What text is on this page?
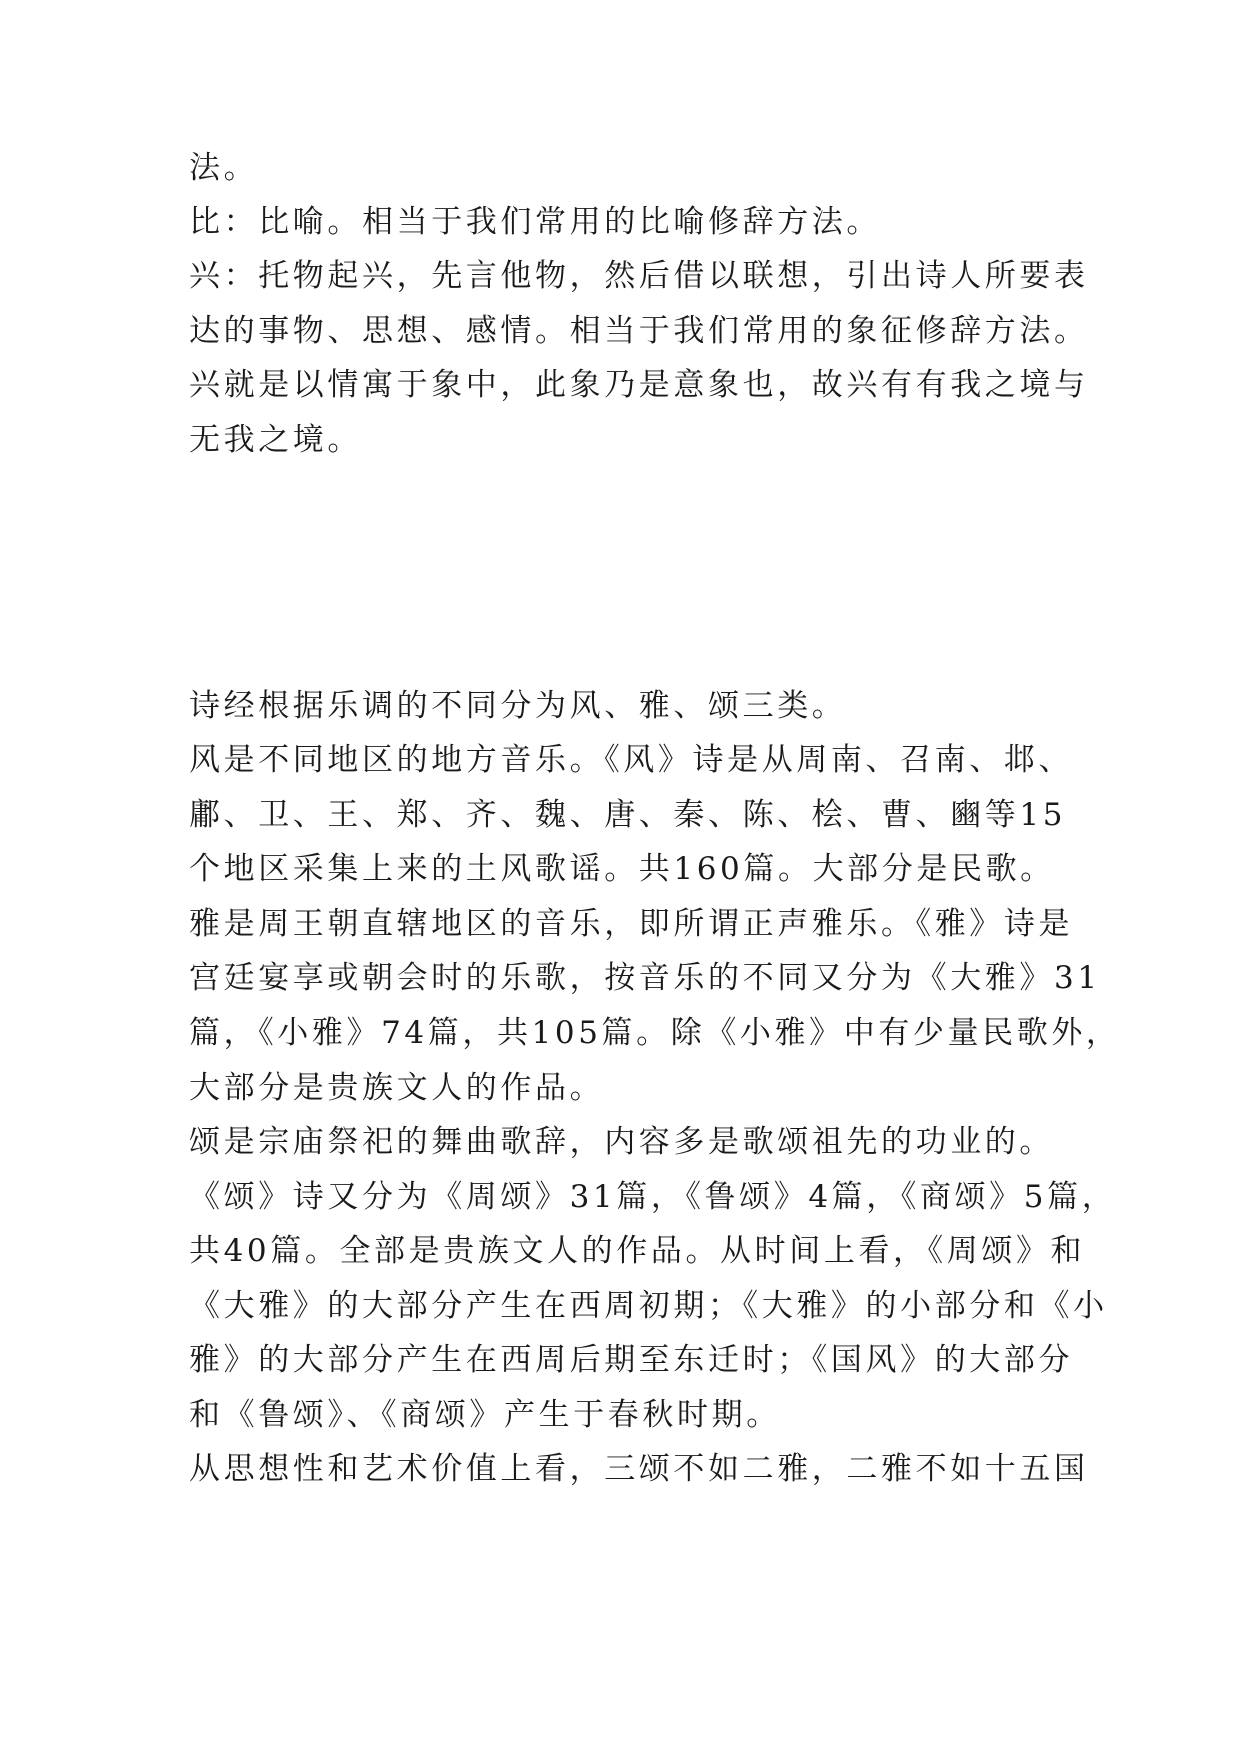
法。
比：比喻。相当于我们常用的比喻修辞方法。
兴：托物起兴，先言他物，然后借以联想，引出诗人所要表
达的事物、思想、感情。相当于我们常用的象征修辞方法。
兴就是以情寓于象中，此象乃是意象也，故兴有有我之境与
无我之境。
诗经根据乐调的不同分为风、雅、颂三类。
风是不同地区的地方音乐。《风》诗是从周南、召南、邶、
鄘、卫、王、郑、齐、魏、唐、秦、陈、桧、曹、豳等15
个地区采集上来的土风歌谣。共160篇。大部分是民歌。
雅是周王朝直辖地区的音乐，即所谓正声雅乐。《雅》诗是
宫廷宴享或朝会时的乐歌，按音乐的不同又分为《大雅》31
篇，《小雅》74篇，共105篇。除《小雅》中有少量民歌外，
大部分是贵族文人的作品。
颂是宗庙祭祀的舞曲歌辞，内容多是歌颂祖先的功业的。
《颂》诗又分为《周颂》31篇，《鲁颂》4篇，《商颂》5篇，
共40篇。全部是贵族文人的作品。从时间上看，《周颂》和
《大雅》的大部分产生在西周初期；《大雅》的小部分和《小
雅》的大部分产生在西周后期至东迁时；《国风》的大部分
和《鲁颂》、《商颂》产生于春秋时期。
从思想性和艺术价值上看，三颂不如二雅，二雅不如十五国
